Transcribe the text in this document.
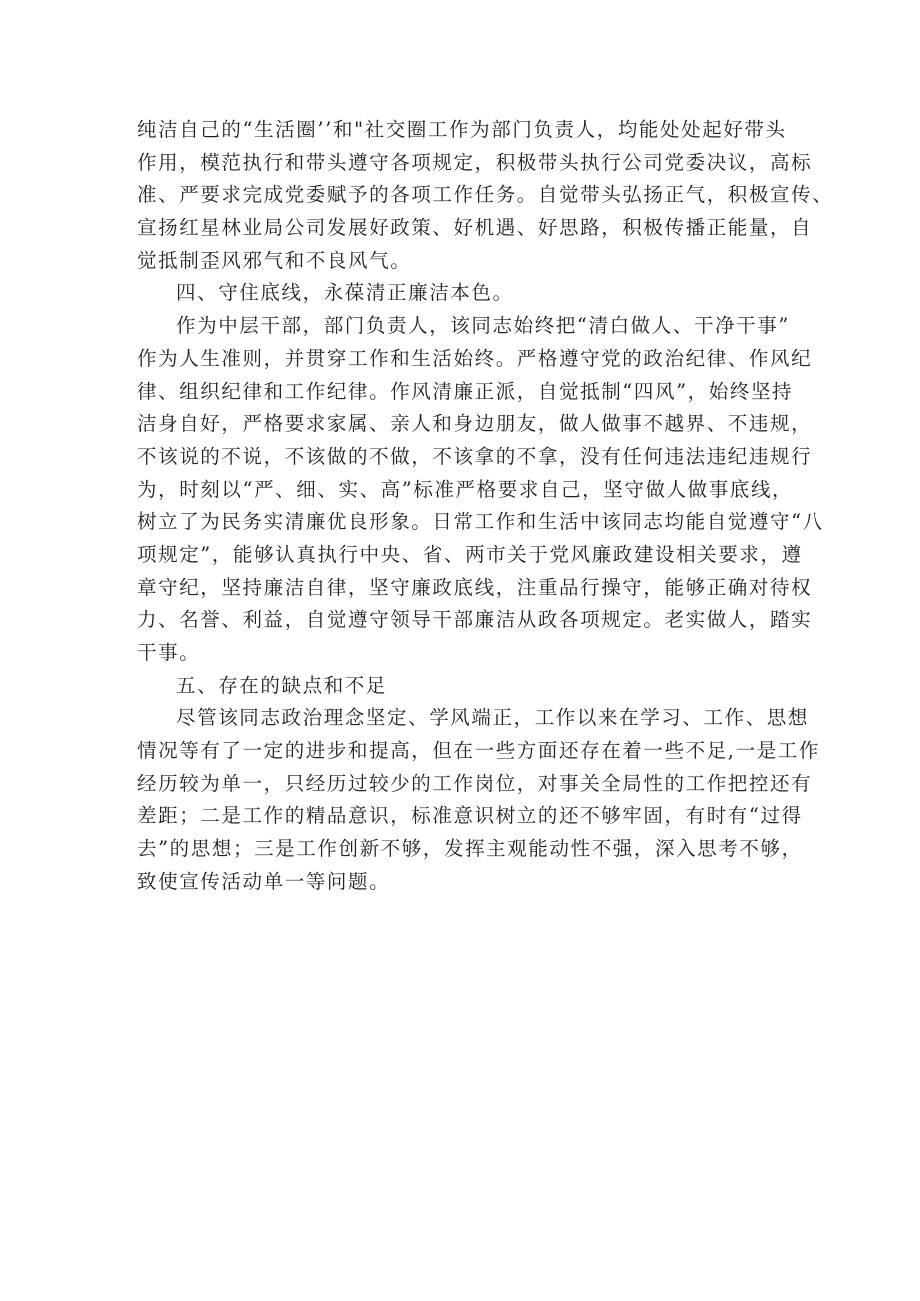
纯洁自己的“生活圈’’和"社交圈工作为部门负责人，均能处处起好带头
作用，模范执行和带头遵守各项规定，积极带头执行公司党委决议，高标
准、严要求完成党委赋予的各项工作任务。自觉带头弘扬正气，积极宣传、
宣扬红星林业局公司发展好政策、好机遇、好思路，积极传播正能量，自
觉抵制歪风邪气和不良风气。
四、守住底线，永葆清正廉洁本色。
作为中层干部，部门负责人，该同志始终把“清白做人、干净干事”
作为人生准则，并贯穿工作和生活始终。严格遵守党的政治纪律、作风纪
律、组织纪律和工作纪律。作风清廉正派，自觉抵制“四风”，始终坚持
洁身自好，严格要求家属、亲人和身边朋友，做人做事不越界、不违规，
不该说的不说，不该做的不做，不该拿的不拿，没有任何违法违纪违规行
为，时刻以“严、细、实、高”标准严格要求自己，坚守做人做事底线，
树立了为民务实清廉优良形象。日常工作和生活中该同志均能自觉遵守“八
项规定”，能够认真执行中央、省、两市关于党风廉政建设相关要求，遵
章守纪，坚持廉洁自律，坚守廉政底线，注重品行操守，能够正确对待权
力、名誉、利益，自觉遵守领导干部廉洁从政各项规定。老实做人，踏实
干事。
五、存在的缺点和不足
尽管该同志政治理念坚定、学风端正，工作以来在学习、工作、思想
情况等有了一定的进步和提高，但在一些方面还存在着一些不足,一是工作
经历较为单一，只经历过较少的工作岗位，对事关全局性的工作把控还有
差距；二是工作的精品意识，标准意识树立的还不够牢固，有时有“过得
去”的思想；三是工作创新不够，发挥主观能动性不强，深入思考不够，
致使宣传活动单一等问题。
